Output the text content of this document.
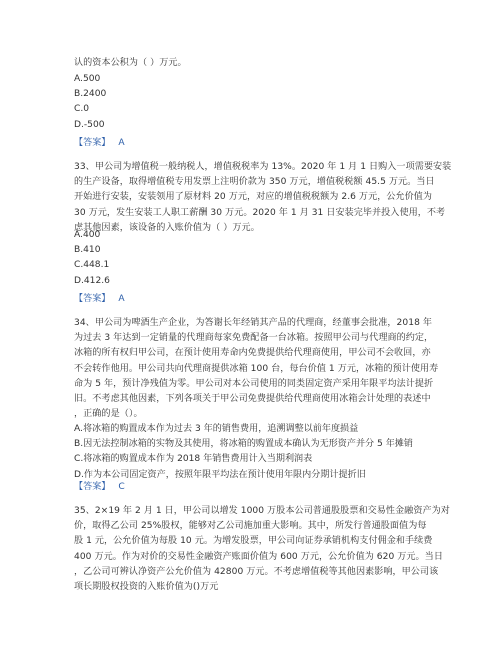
认的资本公积为（ ）万元。
A.500
B.2400
C.0
D.-500
【答案】 A
33、甲公司为增值税一般纳税人，增值税税率为 13%。2020 年 1 月 1 日购入一项需要安装
的生产设备，取得增值税专用发票上注明价款为 350 万元，增值税税额 45.5 万元。当日
开始进行安装，安装领用了原材料 20 万元，对应的增值税税额为 2.6 万元，公允价值为
30 万元，发生安装工人职工薪酬 30 万元。2020 年 1 月 31 日安装完毕并投入使用，不考
虑其他因素，该设备的入账价值为（ ）万元。
A.400
B.410
C.448.1
D.412.6
【答案】 A
34、甲公司为啤酒生产企业，为答谢长年经销其产品的代理商，经董事会批准，2018 年
为过去 3 年达到一定销量的代理商每家免费配备一台冰箱。按照甲公司与代理商的约定，
冰箱的所有权归甲公司，在预计使用寿命内免费提供给代理商使用，甲公司不会收回，亦
不会转作他用。甲公司共向代理商提供冰箱 100 台，每台价值 1 万元，冰箱的预计使用寿
命为 5 年，预计净残值为零。甲公司对本公司使用的同类固定资产采用年限平均法计提折
旧。不考虑其他因素，下列各项关于甲公司免费提供给代理商使用冰箱会计处理的表述中
，正确的是（）。
A.将冰箱的购置成本作为过去 3 年的销售费用，追溯调整以前年度损益
B.因无法控制冰箱的实物及其使用，将冰箱的购置成本确认为无形资产并分 5 年摊销
C.将冰箱的购置成本作为 2018 年销售费用计入当期利润表
D.作为本公司固定资产，按照年限平均法在预计使用年限内分期计提折旧
【答案】 C
35、2×19 年 2 月 1 日，甲公司以增发 1000 万股本公司普通股股票和交易性金融资产为对
价，取得乙公司 25%股权，能够对乙公司施加重大影响。其中，所发行普通股面值为每
股 1 元，公允价值为每股 10 元。为增发股票，甲公司向证券承销机构支付佣金和手续费
400 万元。作为对价的交易性金融资产账面价值为 600 万元，公允价值为 620 万元。当日
，乙公司可辨认净资产公允价值为 42800 万元。不考虑增值税等其他因素影响，甲公司该
项长期股权投资的入账价值为()万元
